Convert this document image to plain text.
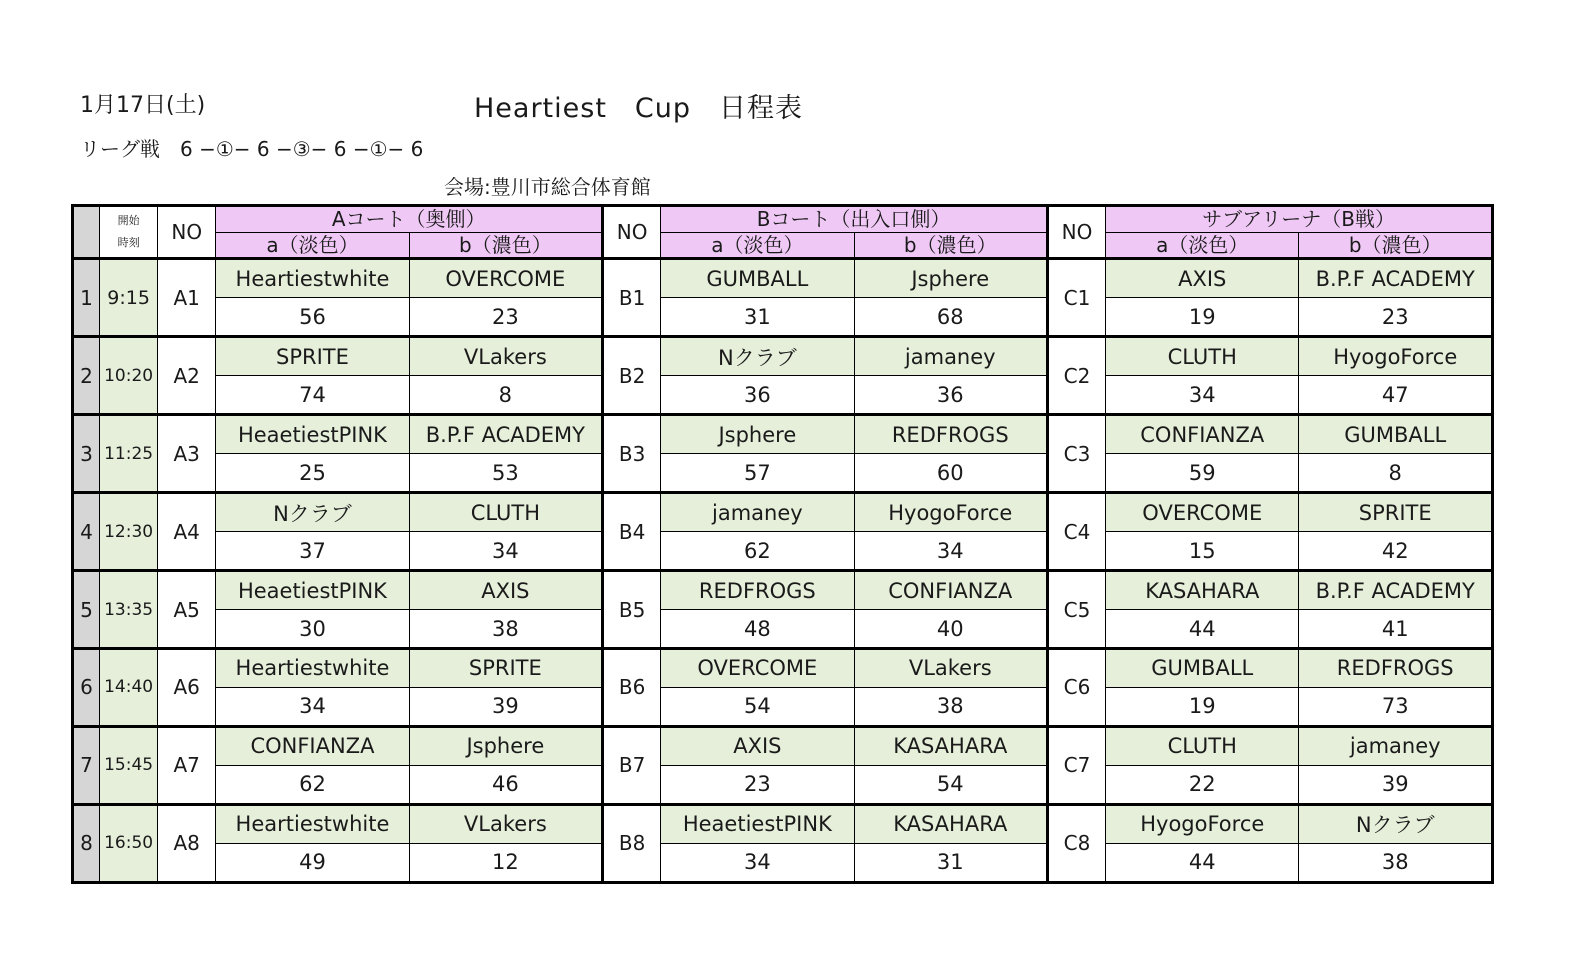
1月17日(土)	Heartiest　Cup　日程表
リーグ戦　6 −①− 6 −③− 6 −①− 6
会場:豊川市総合体育館

	開始
時刻	NO	Aコート（奥側）		NO	Bコート（出入口側）		NO	サブアリーナ（B戦）	
			a（淡色）	b（濃色）		a（淡色）	b（濃色）		a（淡色）	b（濃色）
1	9:15	A1	Heartiestwhite	OVERCOME	B1	GUMBALL	Jsphere	C1	AXIS	B.P.F ACADEMY
			56	23		31	68		19	23
2	10:20	A2	SPRITE	VLakers	B2	Nクラブ	jamaney	C2	CLUTH	HyogoForce
			74	8		36	36		34	47
3	11:25	A3	HeaetiestPINK	B.P.F ACADEMY	B3	Jsphere	REDFROGS	C3	CONFIANZA	GUMBALL
			25	53		57	60		59	8
4	12:30	A4	Nクラブ	CLUTH	B4	jamaney	HyogoForce	C4	OVERCOME	SPRITE
			37	34		62	34		15	42
5	13:35	A5	HeaetiestPINK	AXIS	B5	REDFROGS	CONFIANZA	C5	KASAHARA	B.P.F ACADEMY
			30	38		48	40		44	41
6	14:40	A6	Heartiestwhite	SPRITE	B6	OVERCOME	VLakers	C6	GUMBALL	REDFROGS
			34	39		54	38		19	73
7	15:45	A7	CONFIANZA	Jsphere	B7	AXIS	KASAHARA	C7	CLUTH	jamaney
			62	46		23	54		22	39
8	16:50	A8	Heartiestwhite	VLakers	B8	HeaetiestPINK	KASAHARA	C8	HyogoForce	Nクラブ
			49	12		34	31		44	38
